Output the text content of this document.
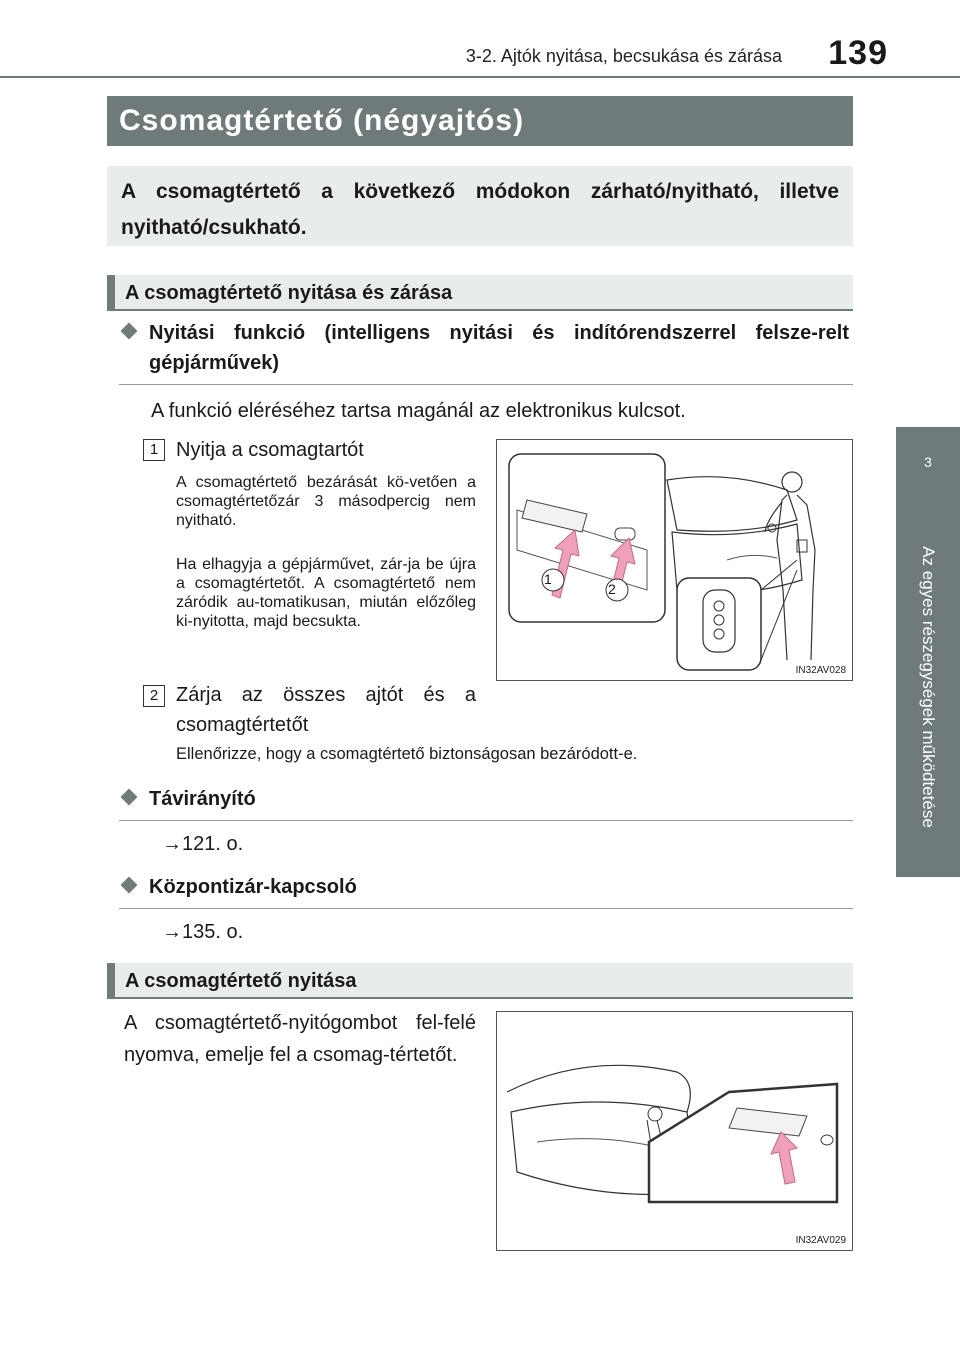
3-2. Ajtók nyitása, becsukása és zárása 139
3
Az egyes részegységek működtetése
Csomagtértető (négyajtós)
A csomagtértető a következő módokon zárható/nyitható, illetve nyitható/csukható.
A csomagtértető nyitása és zárása
Nyitási funkció (intelligens nyitási és indítórendszerrel felsze-relt gépjárművek)
A funkció eléréséhez tartsa magánál az elektronikus kulcsot.
1 Nyitja a csomagtartót
A csomagtértető bezárását kö-vetően a csomagtértetőzár 3 másodpercig nem nyitható.
Ha elhagyja a gépjárművet, zár-ja be újra a csomagtértetőt. A csomagtértető nem záródik au-tomatikusan, miután előzőleg ki-nyitotta, majd becsukta.
2 Zárja az összes ajtót és a csomagtértetőt
Ellenőrizze, hogy a csomagtértető biztonságosan bezáródott-e.
1
2
IN32AV028
Távirányító
→121. o.
Központizár-kapcsoló
→135. o.
A csomagtértető nyitása
A csomagtértető-nyitógombot fel-felé nyomva, emelje fel a csomag-tértetőt.
IN32AV029
